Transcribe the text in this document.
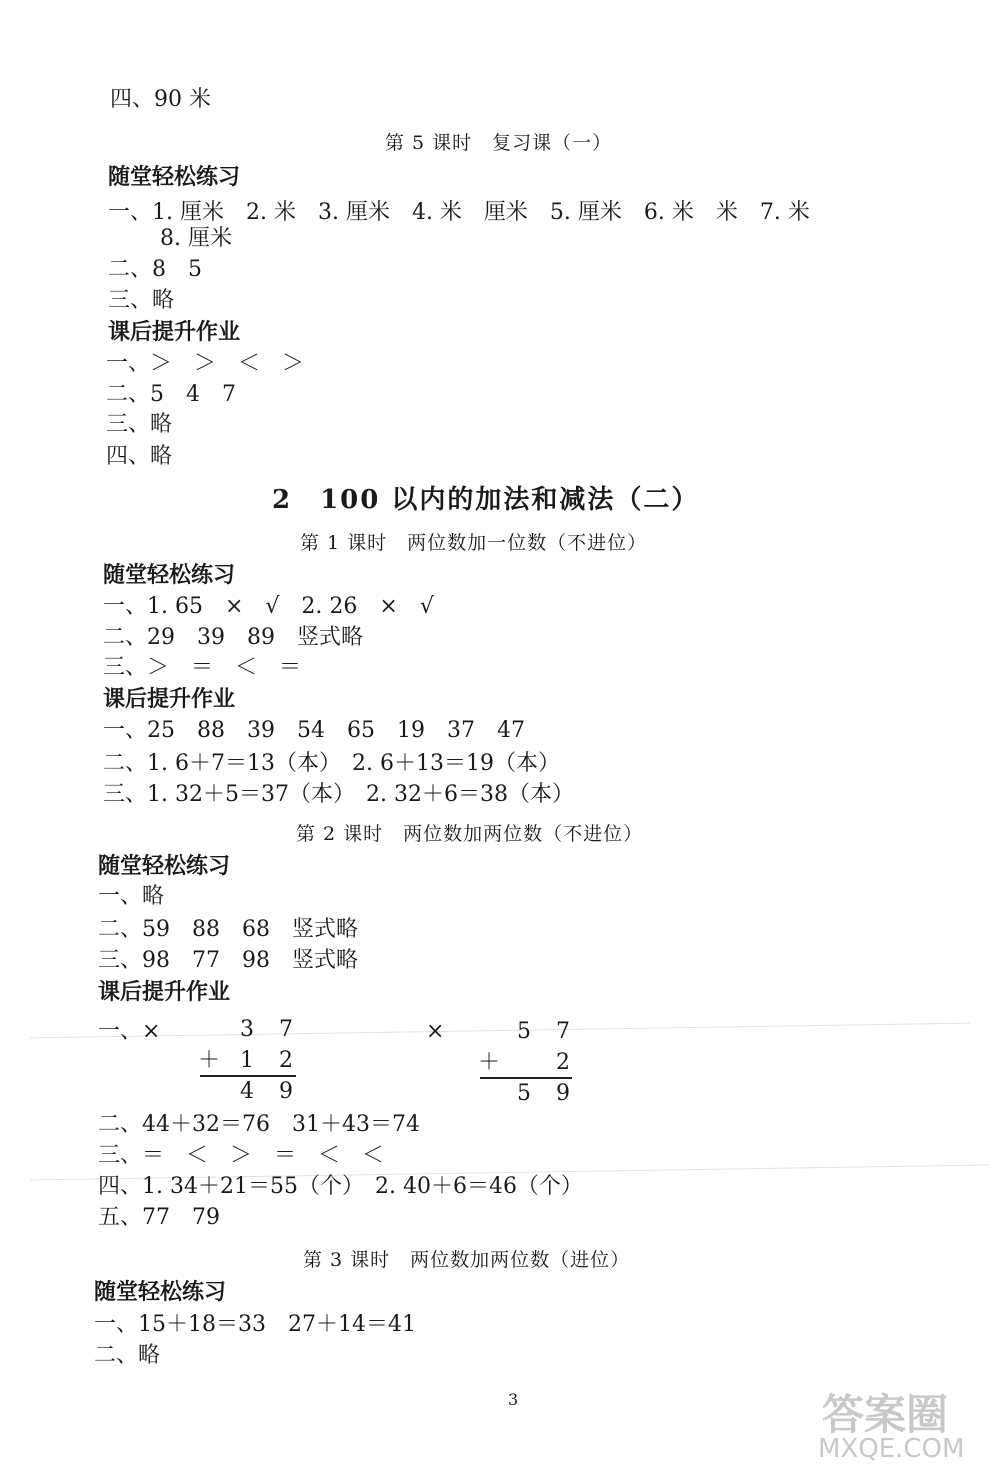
四、90 米
第 5 课时　复习课（一）
随堂轻松练习
一、1. 厘米　2. 米　3. 厘米　4. 米　厘米　5. 厘米　6. 米　米　7. 米
8. 厘米
二、8　5
三、略
课后提升作业
一、＞　＞　＜　＞
二、5　4　7
三、略
四、略
2　100 以内的加法和减法（二）
第 1 课时　两位数加一位数（不进位）
随堂轻松练习
一、1. 65　×　√　2. 26　×　√
二、29　39　89　竖式略
三、＞　＝　＜　＝
课后提升作业
一、25　88　39　54　65　19　37　47
二、1. 6＋7＝13（本）　2. 6＋13＝19（本）
三、1. 32＋5＝37（本）　2. 32＋6＝38（本）
第 2 课时　两位数加两位数（不进位）
随堂轻松练习
一、略
二、59　88　68　竖式略
三、98　77　98　竖式略
课后提升作业
一、×	3 7
＋ 1 2
4 9
×	5 7
＋	2
5 9
二、44＋32＝76　31＋43＝74
三、＝　＜　＞　＝　＜　＜
四、1. 34＋21＝55（个）　2. 40＋6＝46（个）
五、77　79
第 3 课时　两位数加两位数（进位）
随堂轻松练习
一、15＋18＝33　27＋14＝41
二、略
3	答案圈
MXQE.COM
